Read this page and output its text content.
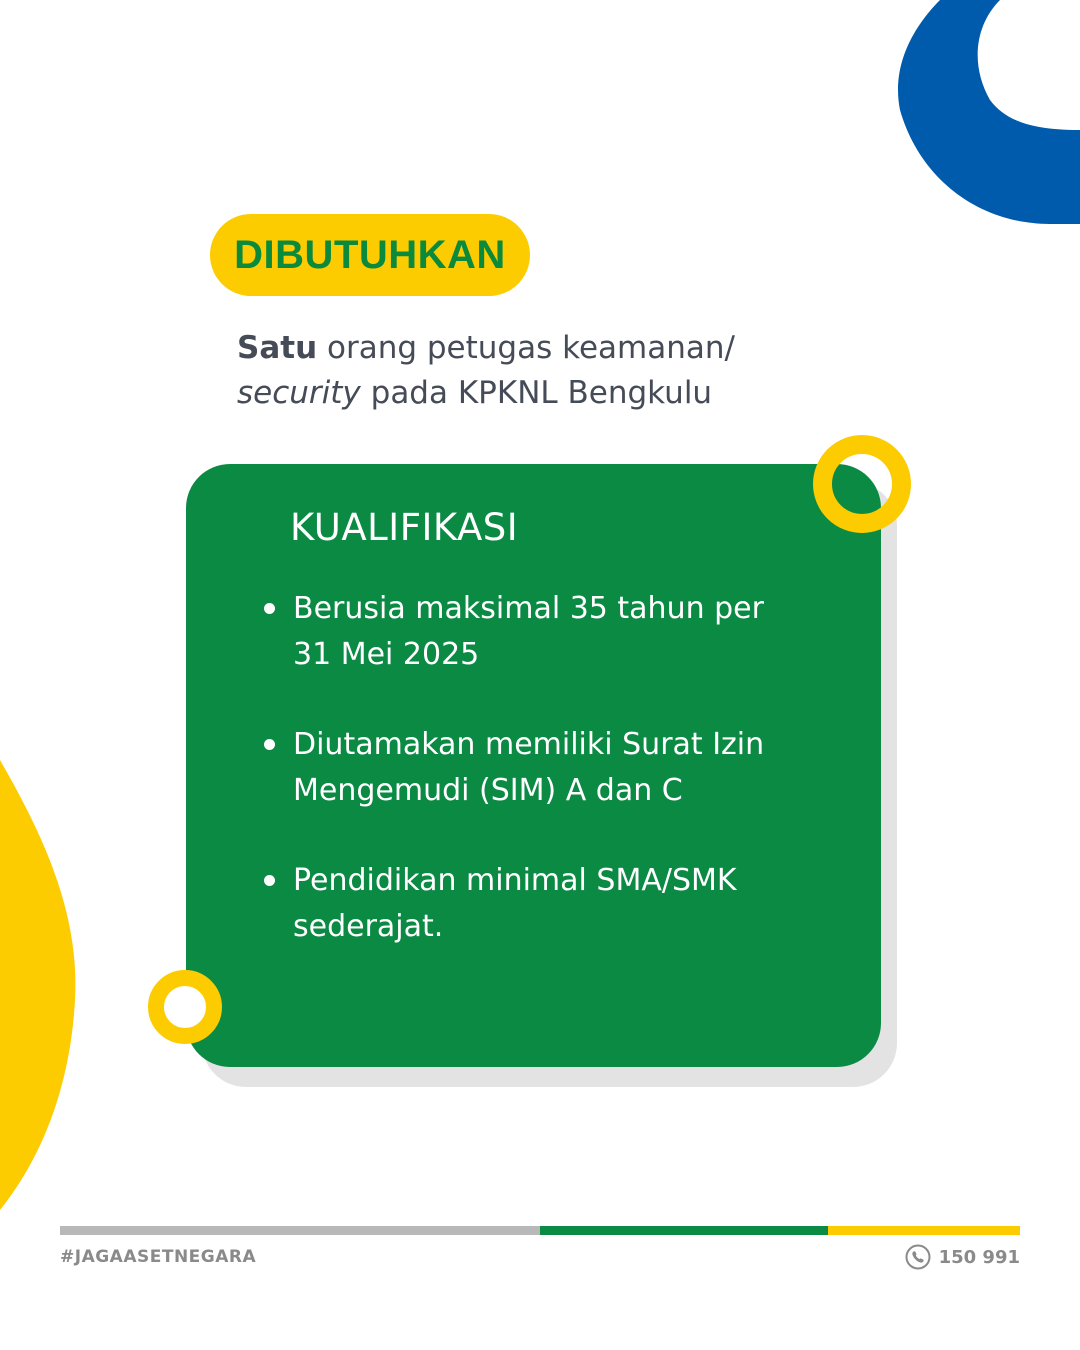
DIBUTUHKAN
Satu orang petugas keamanan/
security pada KPKNL Bengkulu
KUALIFIKASI
Berusia maksimal 35 tahun per
31 Mei 2025
Diutamakan memiliki Surat Izin
Mengemudi (SIM) A dan C
Pendidikan minimal SMA/SMK
sederajat.
#JAGAASETNEGARA	150 991
